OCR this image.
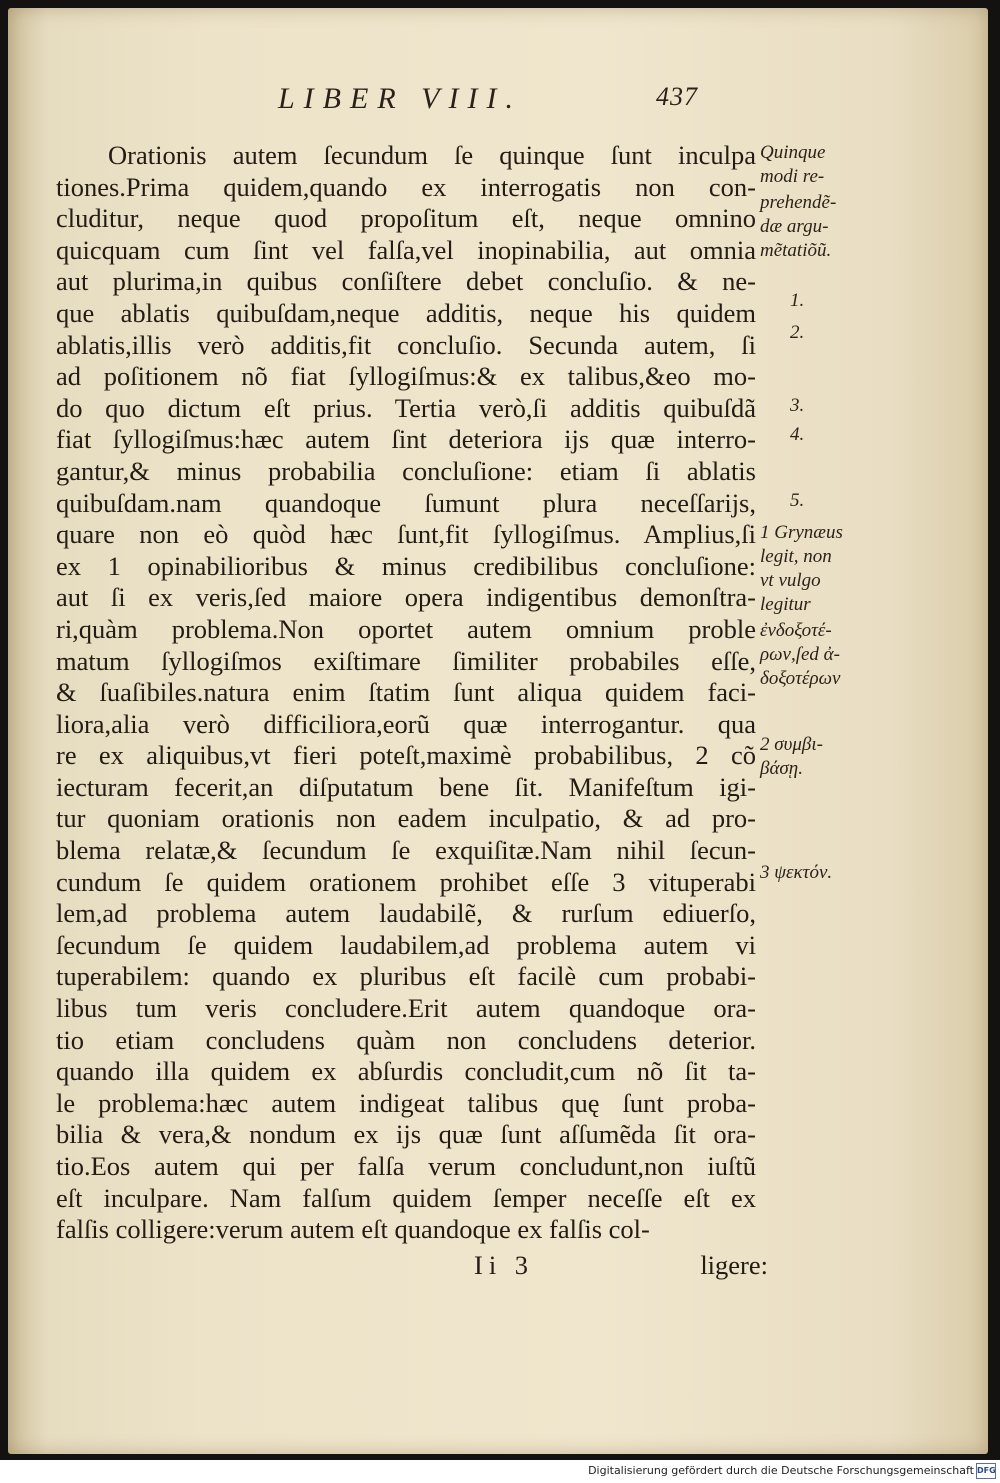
LIBER VIII.	437
Orationis autem ſecundum ſe quinque ſunt inculpa
tiones.Prima quidem,quando ex interrogatis non con-
cluditur, neque quod propoſitum eſt, neque omnino
quicquam cum ſint vel falſa,vel inopinabilia, aut omnia
aut plurima,in quibus conſiſtere debet concluſio. & ne-
que ablatis quibuſdam,neque additis, neque his quidem
ablatis,illis verò additis,fit concluſio. Secunda autem, ſi
ad poſitionem nõ fiat ſyllogiſmus:& ex talibus,&eo mo-
do quo dictum eſt prius. Tertia verò,ſi additis quibuſdã
fiat ſyllogiſmus:hæc autem ſint deteriora ijs quæ interro-
gantur,& minus probabilia concluſione: etiam ſi ablatis
quibuſdam.nam quandoque ſumunt plura neceſſarijs,
quare non eò quòd hæc ſunt,fit ſyllogiſmus. Amplius,ſi
ex 1 opinabilioribus & minus credibilibus concluſione:
aut ſi ex veris,ſed maiore opera indigentibus demonſtra-
ri,quàm problema.Non oportet autem omnium proble
matum ſyllogiſmos exiſtimare ſimiliter probabiles eſſe,
& ſuaſibiles.natura enim ſtatim ſunt aliqua quidem faci-
liora,alia verò difficiliora,eorũ quæ interrogantur. qua
re ex aliquibus,vt fieri poteſt,maximè probabilibus, 2 cõ
iecturam fecerit,an diſputatum bene ſit. Manifeſtum igi-
tur quoniam orationis non eadem inculpatio, & ad pro-
blema relatæ,& ſecundum ſe exquiſitæ.Nam nihil ſecun-
cundum ſe quidem orationem prohibet eſſe 3 vituperabi
lem,ad problema autem laudabilẽ, & rurſum ediuerſo,
ſecundum ſe quidem laudabilem,ad problema autem vi
tuperabilem: quando ex pluribus eſt facilè cum probabi-
libus tum veris concludere.Erit autem quandoque ora-
tio etiam concludens quàm non concludens deterior.
quando illa quidem ex abſurdis concludit,cum nõ ſit ta-
le problema:hæc autem indigeat talibus quę ſunt proba-
bilia & vera,& nondum ex ijs quæ ſunt aſſumẽda ſit ora-
tio.Eos autem qui per falſa verum concludunt,non iuſtũ
eſt inculpare. Nam falſum quidem ſemper neceſſe eſt ex
falſis colligere:verum autem eſt quandoque ex falſis col-
Quinque
modi re-
prehendẽ-
dæ argu-
mẽtatiõũ.
1.
2.
3.
4.
5.
1 Grynæus
legit, non
vt vulgo
legitur
ἐνδοξοτέ-
ρων,ſed ἀ-
δοξοτέρων
2 συμβι-
βάσῃ.
3 ψεκτόν.
Ii 3	ligere:
Digitalisierung gefördert durch die Deutsche Forschungsgemeinschaft DFG
